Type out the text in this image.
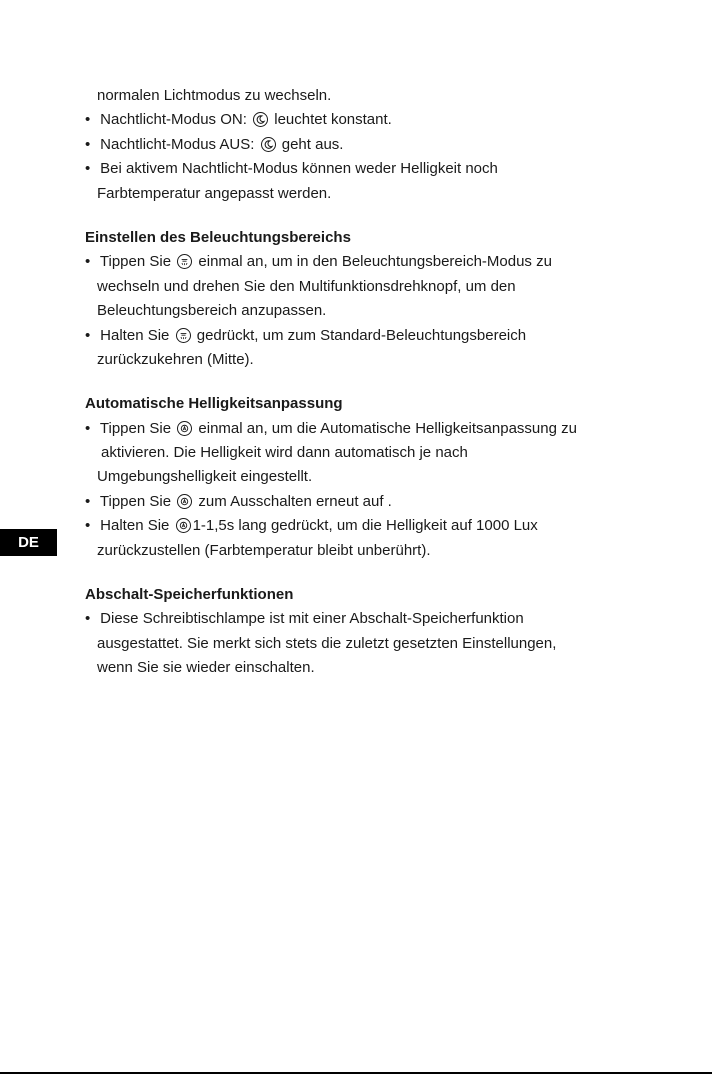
normalen Lichtmodus zu wechseln.
• Nachtlicht-Modus ON: leuchtet konstant.
• Nachtlicht-Modus AUS: geht aus.
• Bei aktivem Nachtlicht-Modus können weder Helligkeit noch
Farbtemperatur angepasst werden.
Einstellen des Beleuchtungsbereichs
• Tippen Sie einmal an, um in den Beleuchtungsbereich-Modus zu
wechseln und drehen Sie den Multifunktionsdrehknopf, um den
Beleuchtungsbereich anzupassen.
• Halten Sie gedrückt, um zum Standard-Beleuchtungsbereich
zurückzukehren (Mitte).
Automatische Helligkeitsanpassung
• Tippen Sie einmal an, um die Automatische Helligkeitsanpassung zu
aktivieren. Die Helligkeit wird dann automatisch je nach
Umgebungshelligkeit eingestellt.
• Tippen Sie zum Ausschalten erneut auf .
• Halten Sie 1-1,5s lang gedrückt, um die Helligkeit auf 1000 Lux
zurückzustellen (Farbtemperatur bleibt unberührt).
Abschalt-Speicherfunktionen
• Diese Schreibtischlampe ist mit einer Abschalt-Speicherfunktion
ausgestattet. Sie merkt sich stets die zuletzt gesetzten Einstellungen,
wenn Sie sie wieder einschalten.
DE
